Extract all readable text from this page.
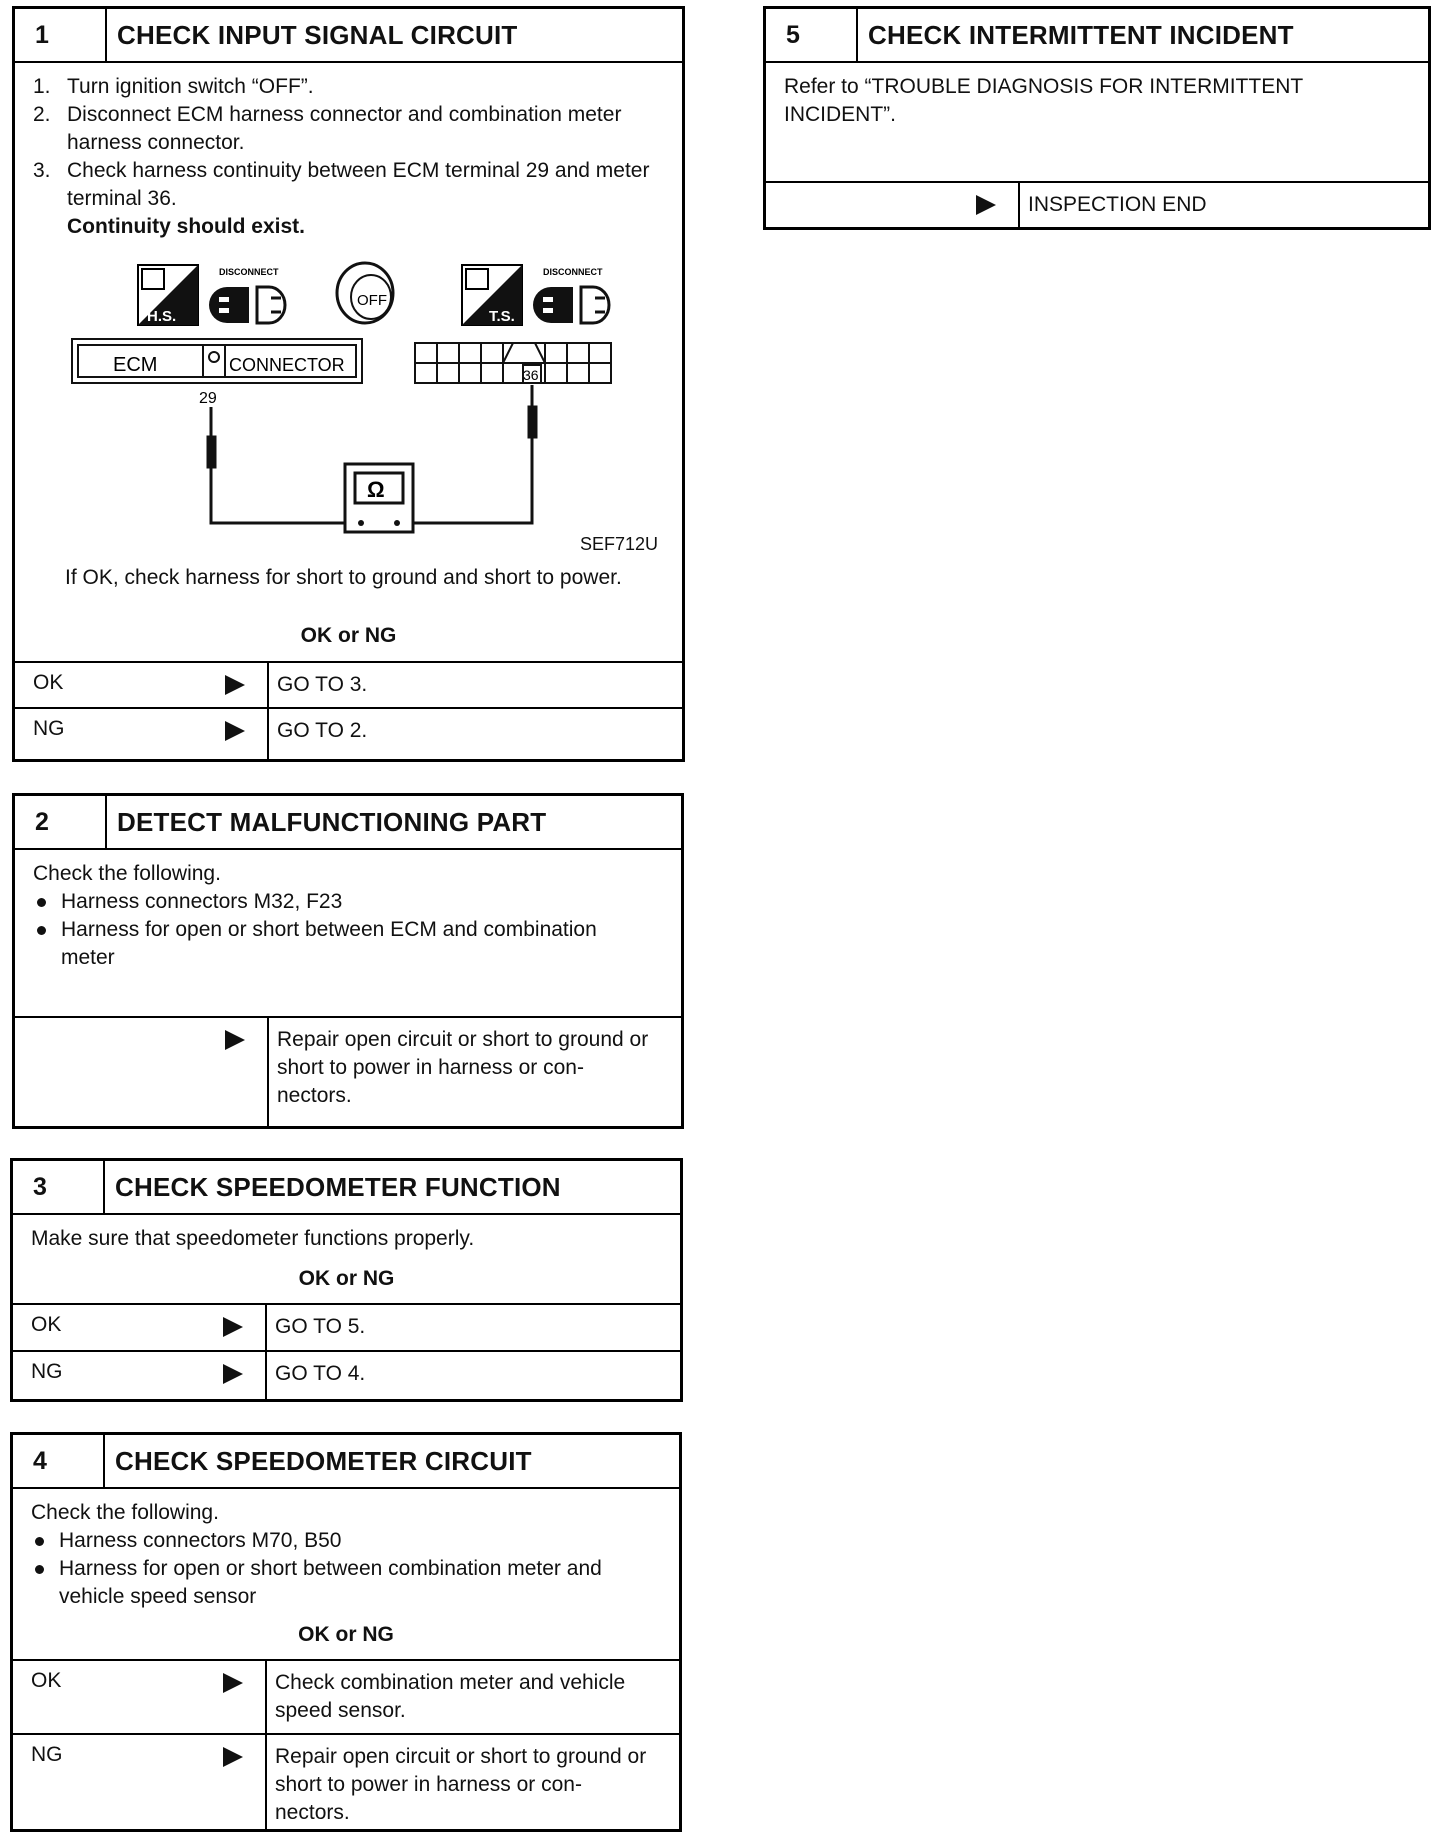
1	CHECK INPUT SIGNAL CIRCUIT
1. Turn ignition switch “OFF”.
2. Disconnect ECM harness connector and combination meter harness connector.
3. Check harness continuity between ECM terminal 29 and meter terminal 36.
Continuity should exist.
H.S.
DISCONNECT
OFF
T.S.
DISCONNECT
ECM	CONNECTOR
29
36
Ω
SEF712U
If OK, check harness for short to ground and short to power.
OK or NG
OK	GO TO 3.
NG	GO TO 2.
2	DETECT MALFUNCTIONING PART
Check the following.
Harness connectors M32, F23
Harness for open or short between ECM and combination meter
Repair open circuit or short to ground or short to power in harness or con-nectors.
3	CHECK SPEEDOMETER FUNCTION
Make sure that speedometer functions properly.
OK or NG
OK	GO TO 5.
NG	GO TO 4.
4	CHECK SPEEDOMETER CIRCUIT
Check the following.
Harness connectors M70, B50
Harness for open or short between combination meter and vehicle speed sensor
OK or NG
OK	Check combination meter and vehicle speed sensor.
NG	Repair open circuit or short to ground or short to power in harness or con-nectors.
5	CHECK INTERMITTENT INCIDENT
Refer to “TROUBLE DIAGNOSIS FOR INTERMITTENT INCIDENT”.
INSPECTION END
